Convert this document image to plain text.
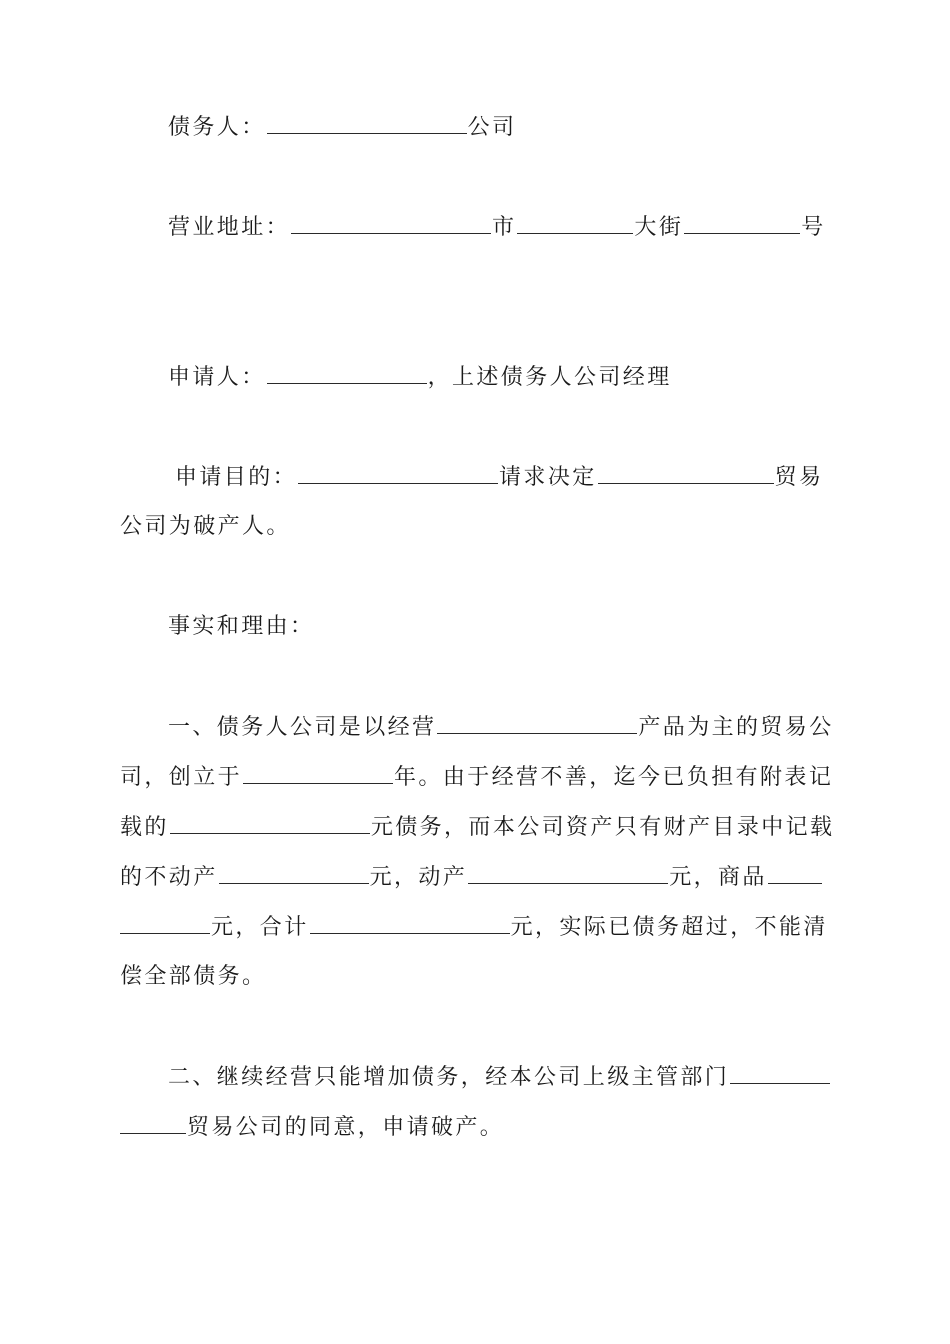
债务人：	公司
营业地址：	市	大街	号
申请人：	，上述债务人公司经理
申请目的：	请求决定	贸易
公司为破产人。
事实和理由：
一、债务人公司是以经营	产品为主的贸易公
司，创立于	年。由于经营不善，迄今已负担有附表记
载的	元债务，而本公司资产只有财产目录中记载
的不动产	元，动产	元，商品
元，合计	元，实际已债务超过，不能清
偿全部债务。
二、继续经营只能增加债务，经本公司上级主管部门
贸易公司的同意，申请破产。
